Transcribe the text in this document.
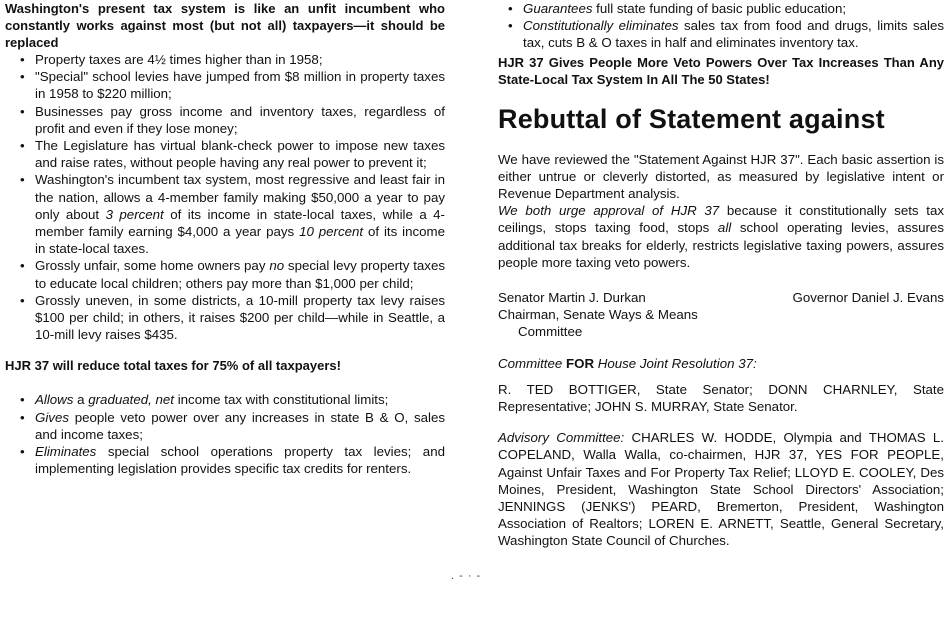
Washington's present tax system is like an unfit incumbent who constantly works against most (but not all) taxpayers—it should be replaced

• Property taxes are 4½ times higher than in 1958;
• "Special" school levies have jumped from $8 million in property taxes in 1958 to $220 million;
• Businesses pay gross income and inventory taxes, regardless of profit and even if they lose money;
• The Legislature has virtual blank-check power to impose new taxes and raise rates, without people having any real power to prevent it;
• Washington's incumbent tax system, most regressive and least fair in the nation, allows a 4-member family making $50,000 a year to pay only about 3 percent of its income in state-local taxes, while a 4-member family earning $4,000 a year pays 10 percent of its income in state-local taxes.
• Grossly unfair, some home owners pay no special levy property taxes to educate local children; others pay more than $1,000 per child;
• Grossly uneven, in some districts, a 10-mill property tax levy raises $100 per child; in others, it raises $200 per child—while in Seattle, a 10-mill levy raises $435.

HJR 37 will reduce total taxes for 75% of all taxpayers!

• Allows a graduated, net income tax with constitutional limits;
• Gives people veto power over any increases in state B & O, sales and income taxes;
• Eliminates special school operations property tax levies; and implementing legislation provides specific tax credits for renters.
. - · -
• Guarantees full state funding of basic public education;
• Constitutionally eliminates sales tax from food and drugs, limits sales tax, cuts B & O taxes in half and eliminates inventory tax.

HJR 37 Gives People More Veto Powers Over Tax Increases Than Any State-Local Tax System In All The 50 States!

Rebuttal of Statement against

We have reviewed the "Statement Against HJR 37". Each basic assertion is either untrue or cleverly distorted, as measured by legislative intent or Revenue Department analysis.

We both urge approval of HJR 37 because it constitutionally sets tax ceilings, stops taxing food, stops all school operating levies, assures additional tax breaks for elderly, restricts legislative taxing powers, assures people more taxing veto powers.

Senator Martin J. Durkan
Chairman, Senate Ways & Means
Committee
Governor Daniel J. Evans

Committee FOR House Joint Resolution 37:

R. TED BOTTIGER, State Senator; DONN CHARNLEY, State Representative; JOHN S. MURRAY, State Senator.

Advisory Committee: CHARLES W. HODDE, Olympia and THOMAS L. COPELAND, Walla Walla, co-chairmen, HJR 37, YES FOR PEOPLE, Against Unfair Taxes and For Property Tax Relief; LLOYD E. COOLEY, Des Moines, President, Washington State School Directors' Association; JENNINGS (JENKS') PEARD, Bremerton, President, Washington Association of Realtors; LOREN E. ARNETT, Seattle, General Secretary, Washington State Council of Churches.
